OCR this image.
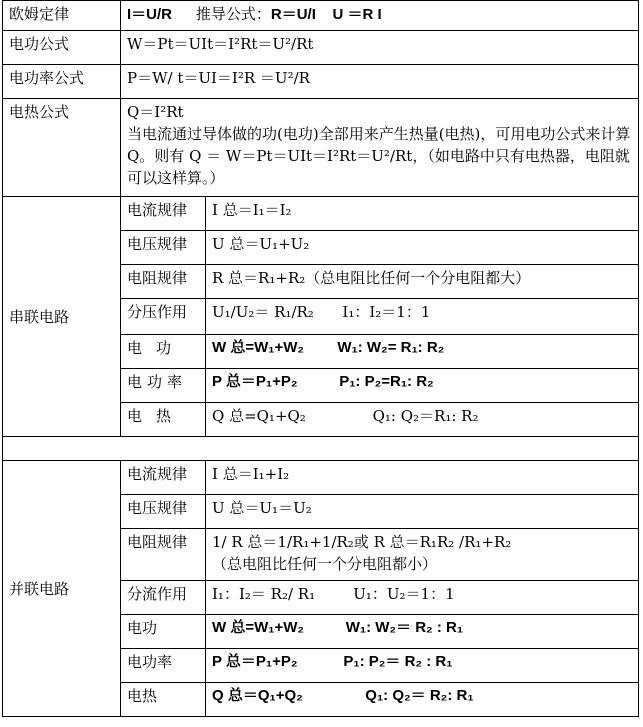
欧姆定律	I＝U/R 推导公式：R＝U/I    U ＝R I	
电功公式	W＝Pt＝UIt＝I²Rt＝U²/Rt	
电功率公式	P＝W/ t＝UI＝I²R ＝U²/R	
电热公式	Q＝I²Rt
当电流通过导体做的功(电功)全部用来产生热量(电热)，可用电功公式来计算Q。则有 Q ＝ W＝Pt＝UIt＝I²Rt＝U²/Rt，（如电路中只有电热器，电阻就可以这样算。）	

串联电路	电流规律	I 总＝I₁＝I₂
	电压规律	U 总＝U₁+U₂
	电阻规律	R 总＝R₁+R₂（总电阻比任何一个分电阻都大）
	分压作用	U₁/U₂＝ R₁/R₂      I₁：I₂＝1：1
	电功	W 总=W₁+W₂        W₁: W₂= R₁: R₂
	电功率	P 总＝P₁+P₂          P₁: P₂=R₁: R₂
	电热	Q 总=Q₁+Q₂              Q₁: Q₂＝R₁: R₂

并联电路	电流规律	I 总＝I₁+I₂
	电压规律	U 总＝U₁＝U₂
	电阻规律	1/ R 总＝1/R₁+1/R₂或 R 总＝R₁R₂ /R₁+R₂
（总电阻比任何一个分电阻都小）

	分流作用	I₁：I₂＝ R₂/ R₁        U₁：U₂＝1：1
	电功	W 总=W₁+W₂          W₁: W₂＝ R₂ : R₁
	电功率	P 总＝P₁+P₂           P₁: P₂＝ R₂ : R₁
	电热	Q 总＝Q₁+Q₂               Q₁: Q₂＝ R₂: R₁
